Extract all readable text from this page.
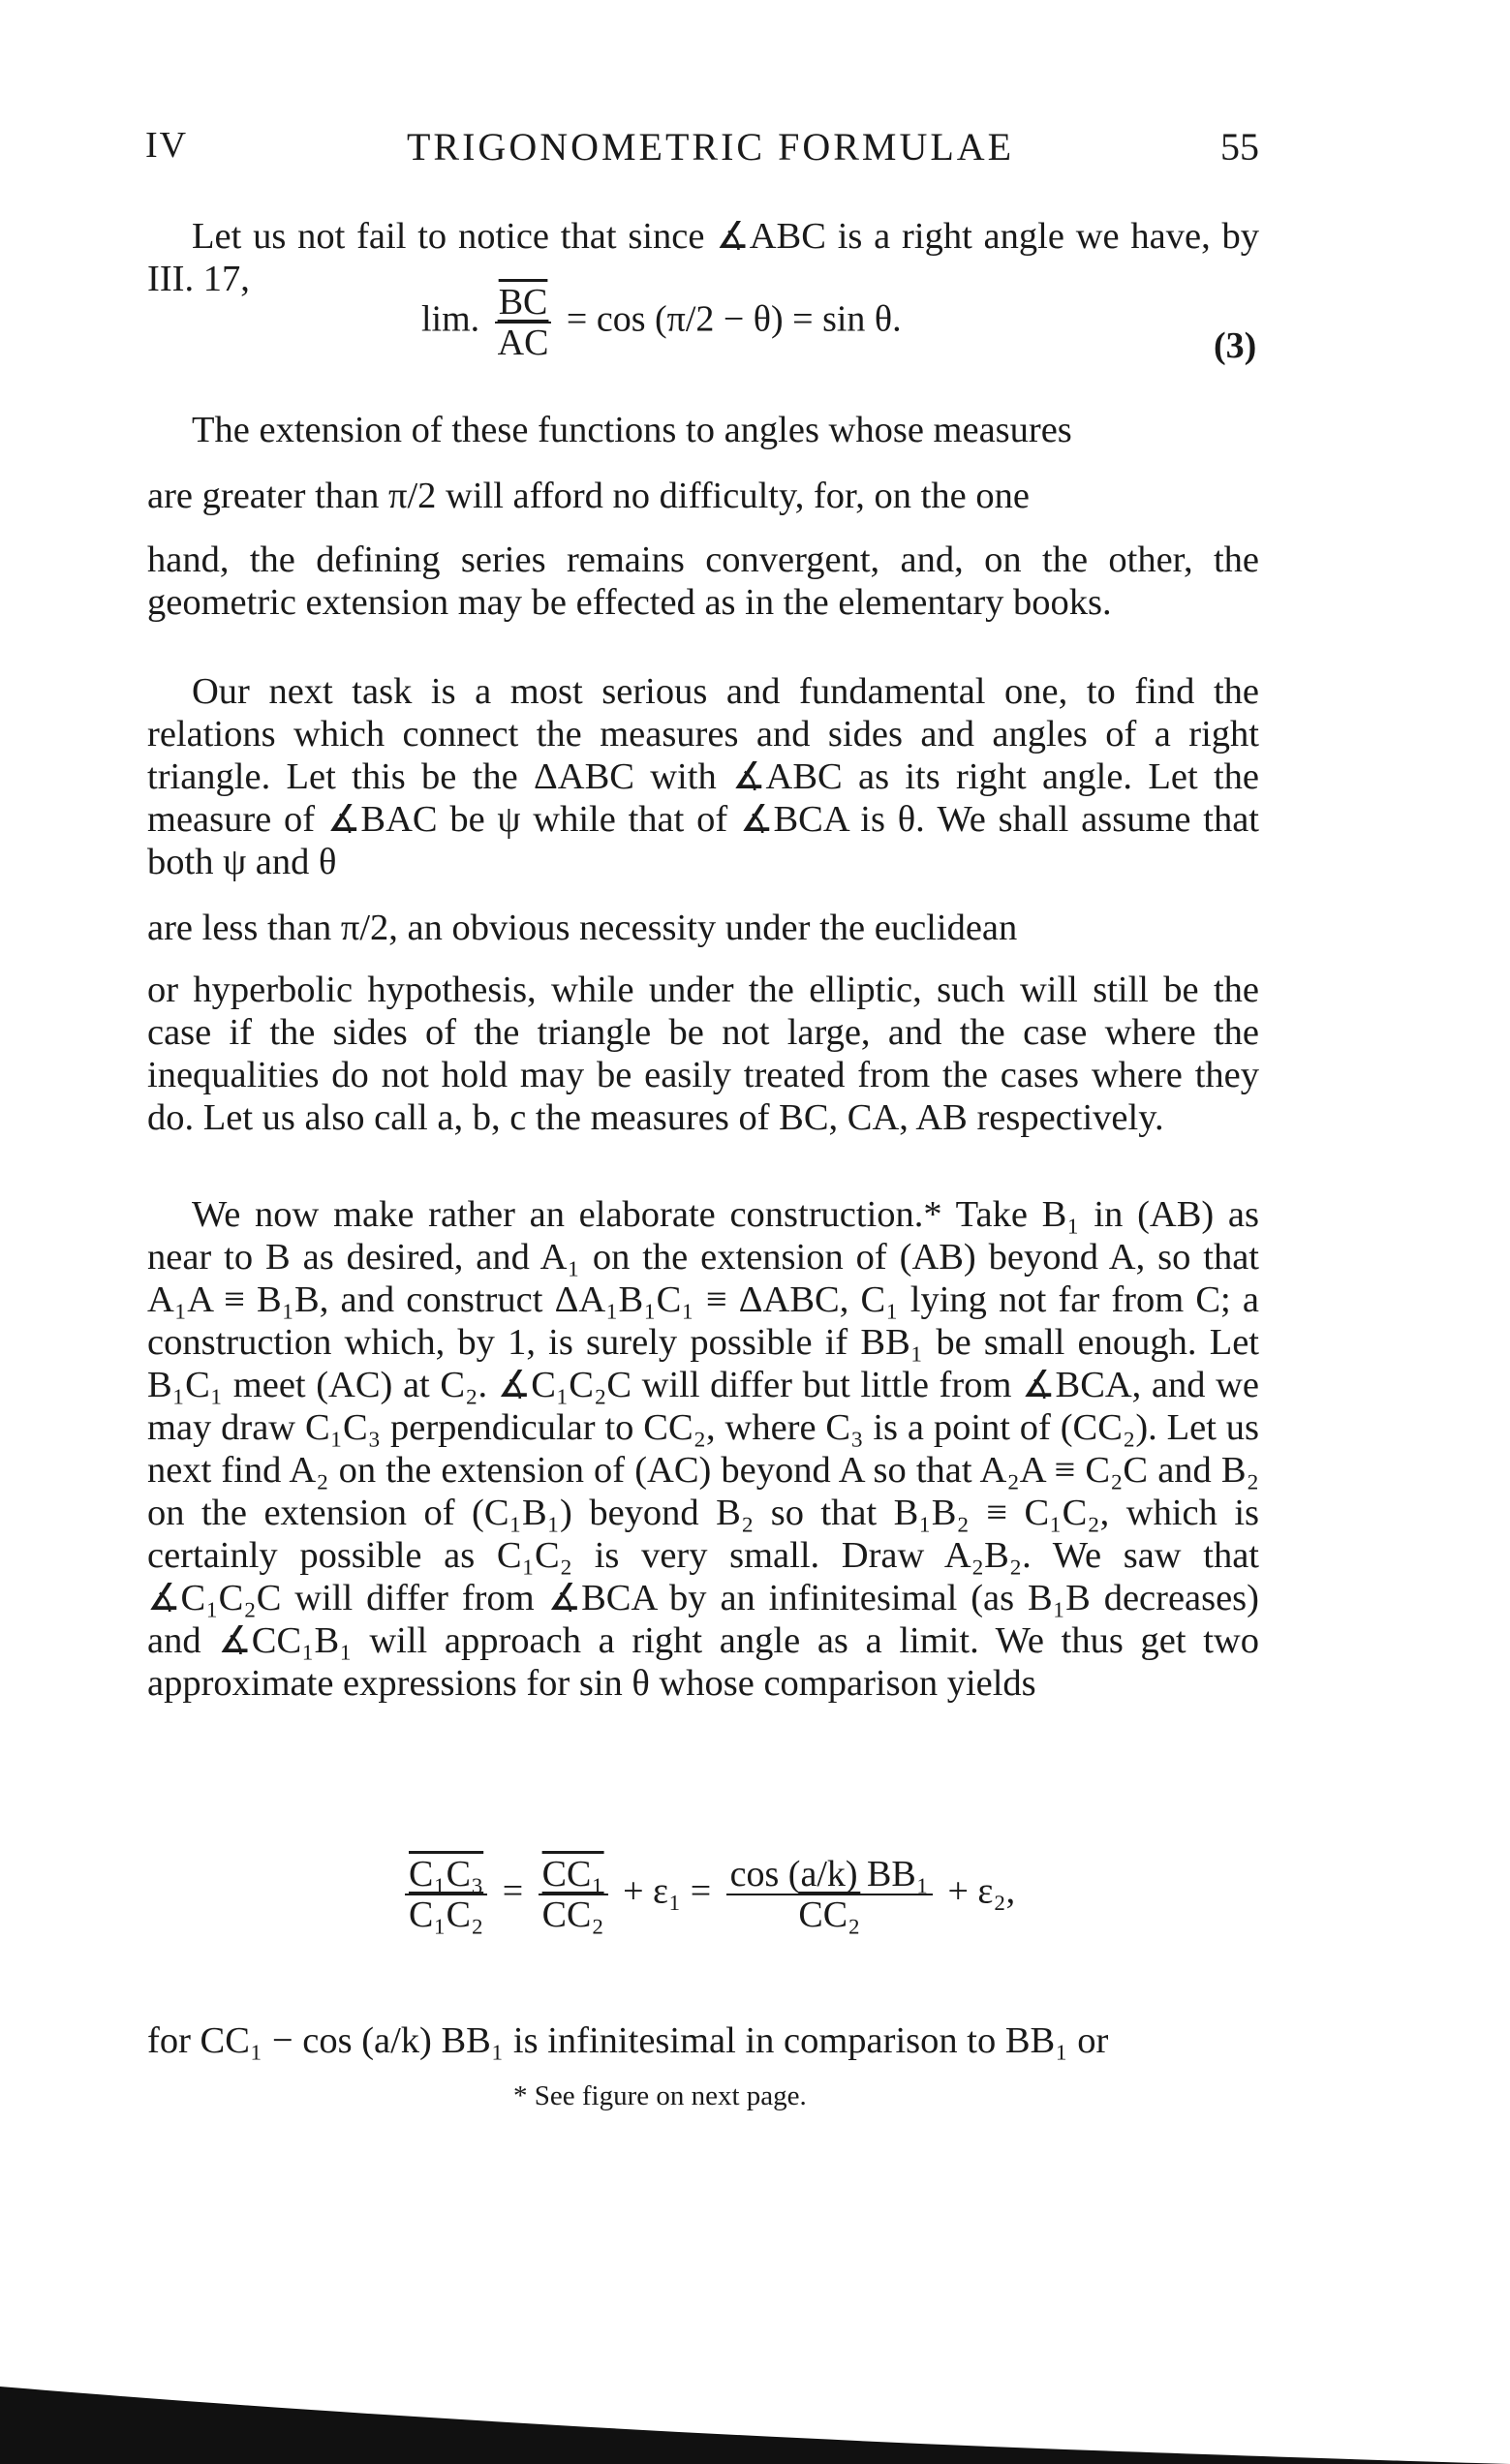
IV	TRIGONOMETRIC FORMULAE	55

Let us not fail to notice that since ∡ABC is a right angle we have, by III. 17,

lim. $\frac{\overline{BC}}{AC} = \cos (\pi/2 - \theta) = \sin \theta$.
(3)

The extension of these functions to angles whose measures

are greater than π/2 will afford no difficulty, for, on the one

hand, the defining series remains convergent, and, on the other, the geometric extension may be effected as in the elementary books.

Our next task is a most serious and fundamental one, to find the relations which connect the measures and sides and angles of a right triangle. Let this be the ΔABC with ∡ABC as its right angle. Let the measure of ∡BAC be ψ while that of ∡BCA is θ. We shall assume that both ψ and θ

are less than π/2, an obvious necessity under the euclidean

or hyperbolic hypothesis, while under the elliptic, such will still be the case if the sides of the triangle be not large, and the case where the inequalities do not hold may be easily treated from the cases where they do. Let us also call a, b, c the measures of BC, CA, AB respectively.

We now make rather an elaborate construction.* Take B₁ in (AB) as near to B as desired, and A₁ on the extension of (AB) beyond A, so that A₁A ≡ B₁B, and construct ΔA₁B₁C₁ ≡ ΔABC, C₁ lying not far from C; a construction which, by 1, is surely possible if BB₁ be small enough. Let B₁C₁ meet (AC) at C₂. ∡C₁C₂C will differ but little from ∡BCA, and we may draw C₁C₃ perpendicular to CC₂, where C₃ is a point of (CC₂). Let us next find A₂ on the extension of (AC) beyond A so that A₂A ≡ C₂C and B₂ on the extension of (C₁B₁) beyond B₂ so that B₁B₂ ≡ C₁C₂, which is certainly possible as C₁C₂ is very small. Draw A₂B₂. We saw that ∡C₁C₂C will differ from ∡BCA by an infinitesimal (as B₁B decreases) and ∡CC₁B₁ will approach a right angle as a limit. We thus get two approximate expressions for sin θ whose comparison yields

$\frac{\text{C₁C₃}}{\text{C₁C₂}} = \frac{\text{CC₁}}{\text{CC₂}} + \varepsilon_1 = \frac{\text{cos (a/k) BB₁}}{\text{CC₂}} + \varepsilon_2$,

for CC₁ − cos (a/k) BB₁ is infinitesimal in comparison to BB₁ or

* See figure on next page.
